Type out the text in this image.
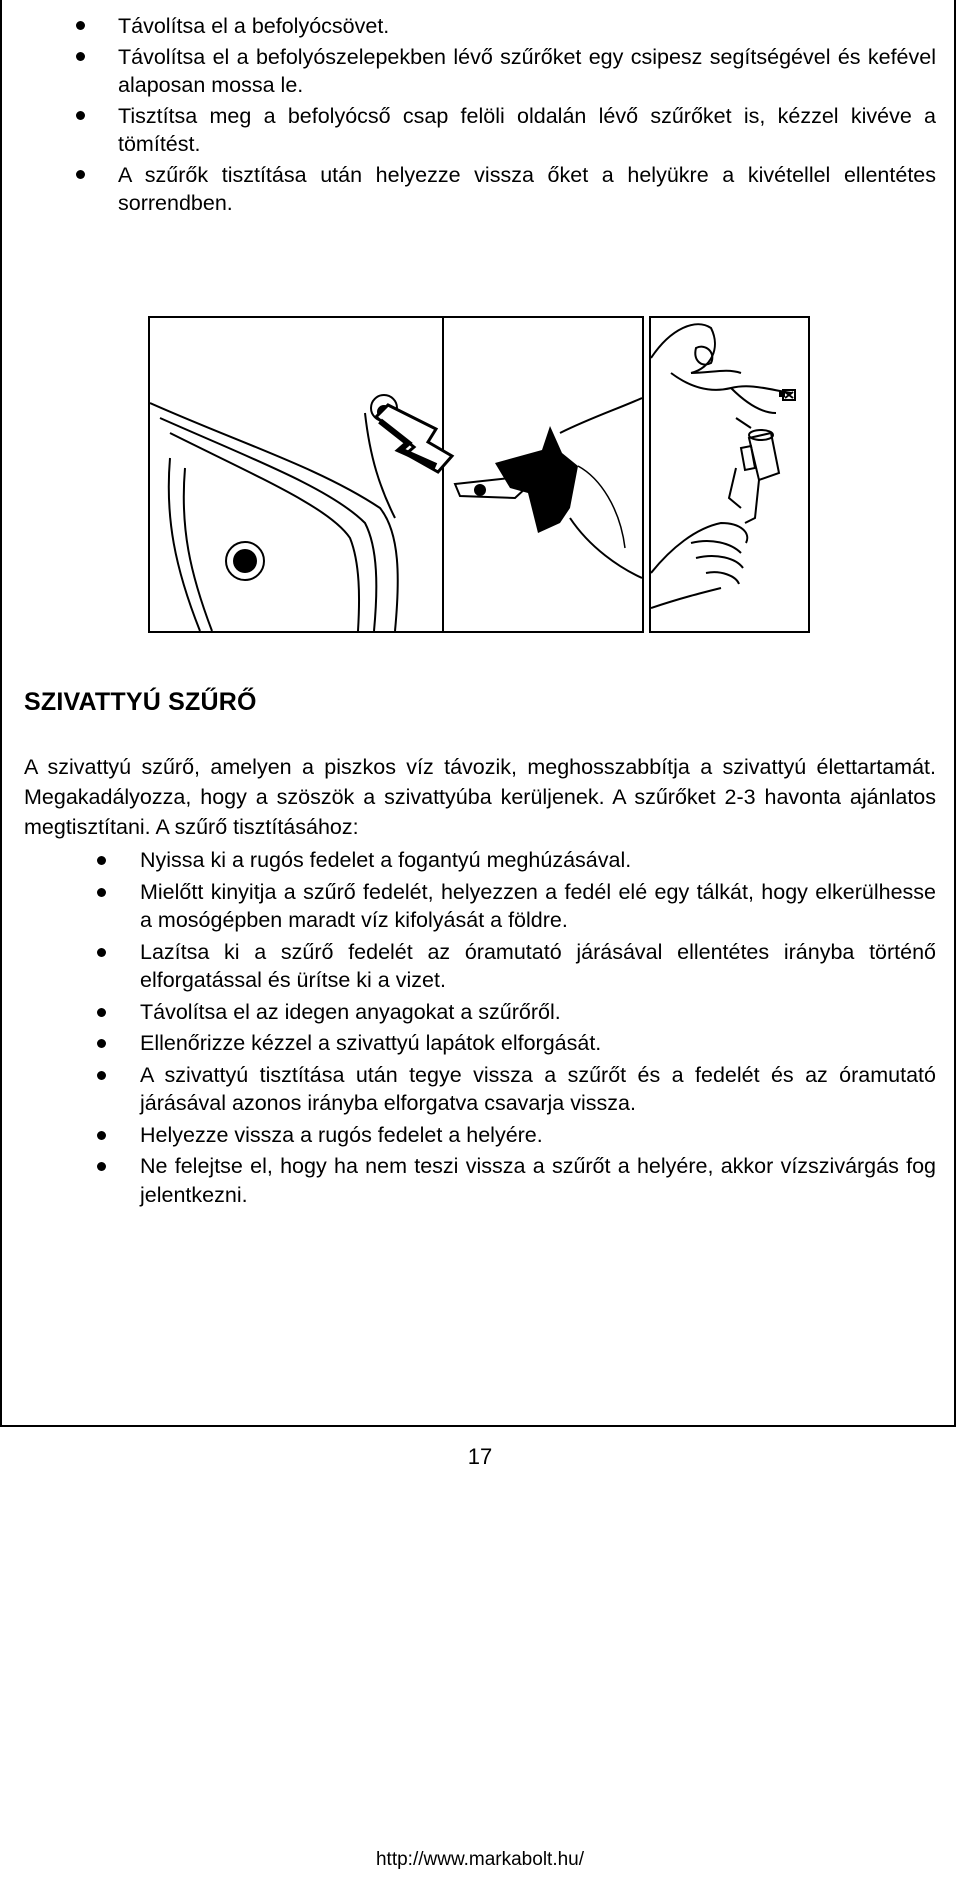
Távolítsa el a befolyócsövet.
Távolítsa el a befolyószelepekben lévő szűrőket egy csipesz segítségével és kefével alaposan mossa le.
Tisztítsa meg a befolyócső csap felöli oldalán lévő szűrőket is, kézzel kivéve a tömítést.
A szűrők tisztítása után helyezze vissza őket a helyükre a kivétellel ellentétes sorrendben.
SZIVATTYÚ SZŰRŐ

A szivattyú szűrő, amelyen a piszkos víz távozik, meghosszabbítja a szivattyú élettartamát. Megakadályozza, hogy a szöszök a szivattyúba kerüljenek. A szűrőket 2-3 havonta ajánlatos megtisztítani. A szűrő tisztításához:

Nyissa ki a rugós fedelet a fogantyú meghúzásával.
Mielőtt kinyitja a szűrő fedelét, helyezzen a fedél elé egy tálkát, hogy elkerülhesse a mosógépben maradt víz kifolyását a földre.
Lazítsa ki a szűrő fedelét az óramutató járásával ellentétes irányba történő elforgatással és ürítse ki a vizet.
Távolítsa el az idegen anyagokat a szűrőről.
Ellenőrizze kézzel a szivattyú lapátok elforgását.
A szivattyú tisztítása után tegye vissza a szűrőt és a fedelét és az óramutató járásával azonos irányba elforgatva csavarja vissza.
Helyezze vissza a rugós fedelet a helyére.
Ne felejtse el, hogy ha nem teszi vissza a szűrőt a helyére, akkor vízszivárgás fog jelentkezni.
17
http://www.markabolt.hu/
